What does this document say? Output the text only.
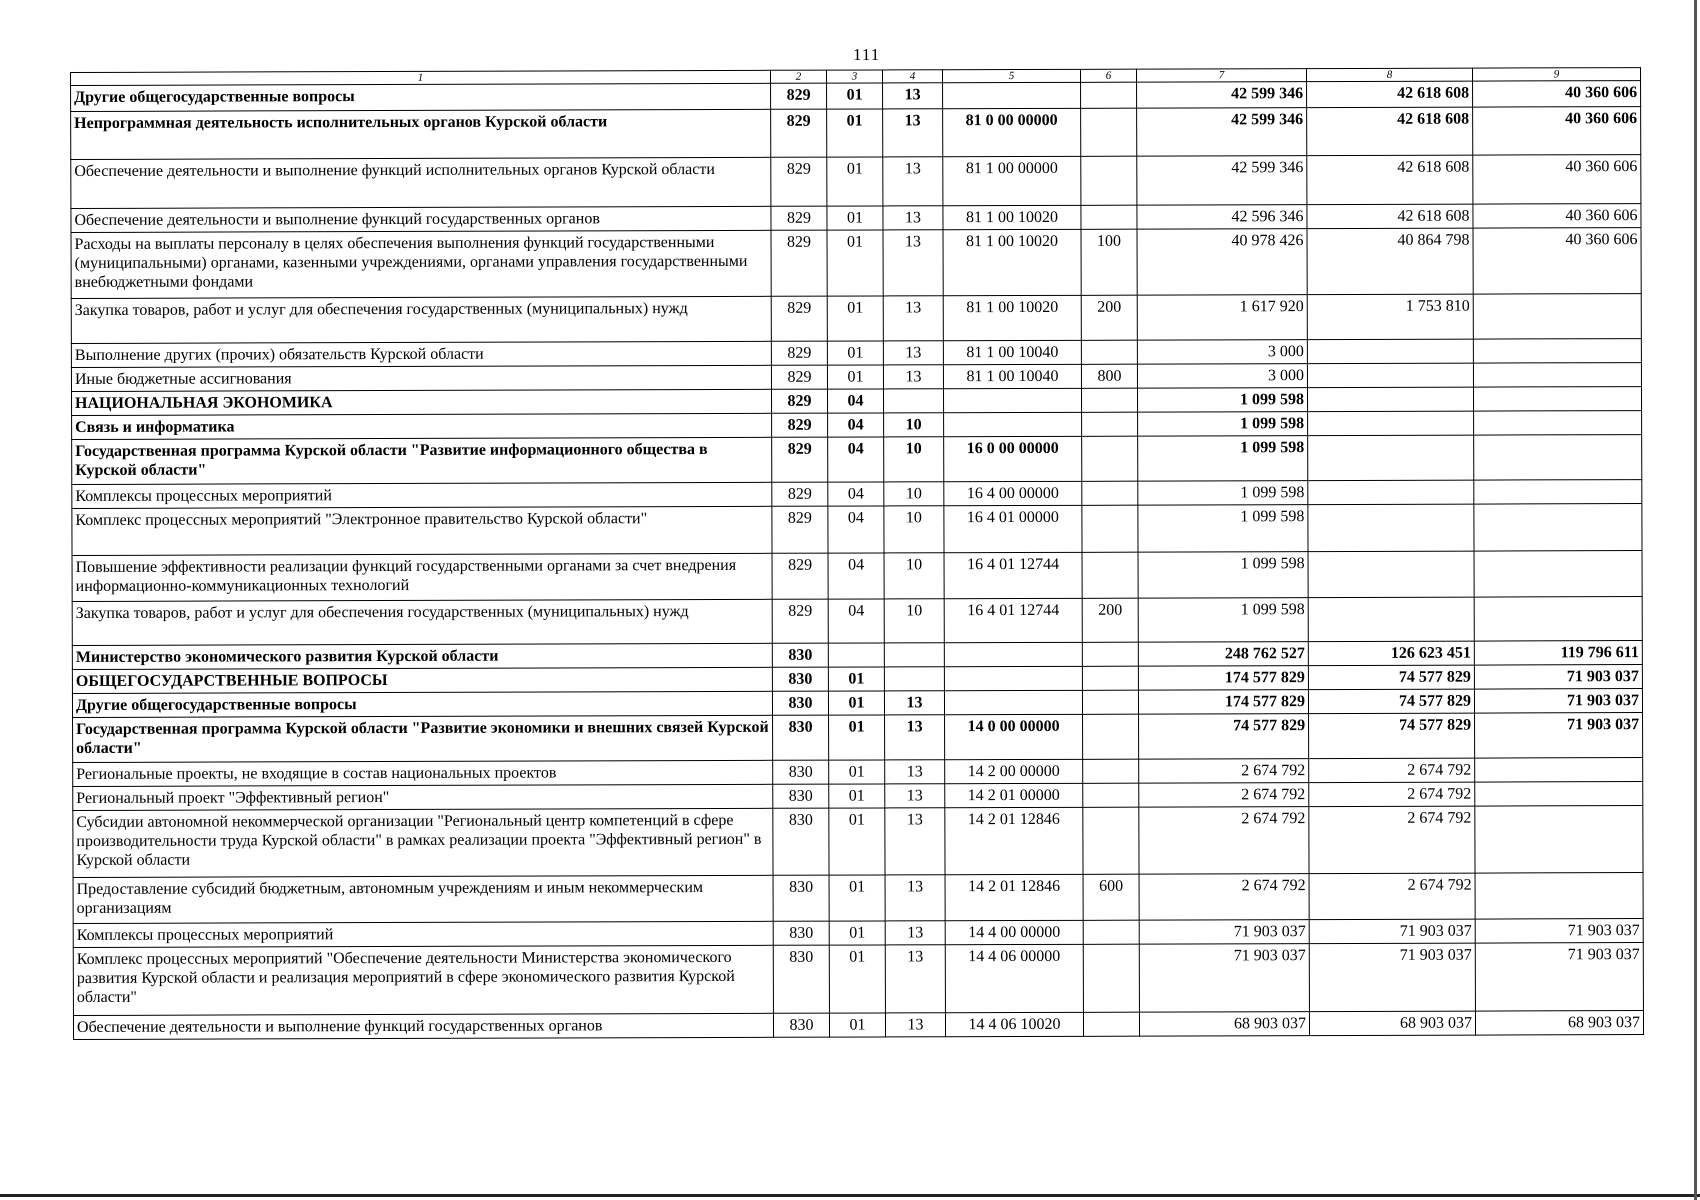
111
1	2	3	4	5	6	7	8	9
Другие общегосударственные вопросы	829	01	13			42 599 346	42 618 608	40 360 606
Непрограммная деятельность исполнительных органов Курской области	829	01	13	81 0 00 00000		42 599 346	42 618 608	40 360 606
Обеспечение деятельности и выполнение функций исполнительных органов Курской области	829	01	13	81 1 00 00000		42 599 346	42 618 608	40 360 606
Обеспечение деятельности и выполнение функций государственных органов	829	01	13	81 1 00 10020		42 596 346	42 618 608	40 360 606
Расходы на выплаты персоналу в целях обеспечения выполнения функций государственными (муниципальными) органами, казенными учреждениями, органами управления государственными внебюджетными фондами	829	01	13	81 1 00 10020	100	40 978 426	40 864 798	40 360 606
Закупка товаров, работ и услуг для обеспечения государственных (муниципальных) нужд	829	01	13	81 1 00 10020	200	1 617 920	1 753 810	
Выполнение других (прочих) обязательств Курской области	829	01	13	81 1 00 10040		3 000		
Иные бюджетные ассигнования	829	01	13	81 1 00 10040	800	3 000		
НАЦИОНАЛЬНАЯ ЭКОНОМИКА	829	04				1 099 598		
Связь и информатика	829	04	10			1 099 598		
Государственная программа Курской области "Развитие информационного общества в Курской области"	829	04	10	16 0 00 00000		1 099 598		
Комплексы процессных мероприятий	829	04	10	16 4 00 00000		1 099 598		
Комплекс процессных мероприятий "Электронное правительство Курской области"	829	04	10	16 4 01 00000		1 099 598		
Повышение эффективности реализации функций государственными органами за счет внедрения информационно-коммуникационных технологий	829	04	10	16 4 01 12744		1 099 598		
Закупка товаров, работ и услуг для обеспечения государственных (муниципальных) нужд	829	04	10	16 4 01 12744	200	1 099 598		
Министерство экономического развития Курской области	830					248 762 527	126 623 451	119 796 611
ОБЩЕГОСУДАРСТВЕННЫЕ ВОПРОСЫ	830	01				174 577 829	74 577 829	71 903 037
Другие общегосударственные вопросы	830	01	13			174 577 829	74 577 829	71 903 037
Государственная программа Курской области "Развитие экономики и внешних связей Курской области"	830	01	13	14 0 00 00000		74 577 829	74 577 829	71 903 037
Региональные проекты, не входящие в состав национальных проектов	830	01	13	14 2 00 00000		2 674 792	2 674 792	
Региональный проект "Эффективный регион"	830	01	13	14 2 01 00000		2 674 792	2 674 792	
Субсидии автономной некоммерческой организации "Региональный центр компетенций в сфере производительности труда Курской области" в рамках реализации проекта "Эффективный регион" в Курской области	830	01	13	14 2 01 12846		2 674 792	2 674 792	
Предоставление субсидий бюджетным, автономным учреждениям и иным некоммерческим организациям	830	01	13	14 2 01 12846	600	2 674 792	2 674 792	
Комплексы процессных мероприятий	830	01	13	14 4 00 00000		71 903 037	71 903 037	71 903 037
Комплекс процессных мероприятий "Обеспечение деятельности Министерства экономического развития Курской области и реализация мероприятий в сфере экономического развития Курской области"	830	01	13	14 4 06 00000		71 903 037	71 903 037	71 903 037
Обеспечение деятельности и выполнение функций государственных органов	830	01	13	14 4 06 10020		68 903 037	68 903 037	68 903 037
